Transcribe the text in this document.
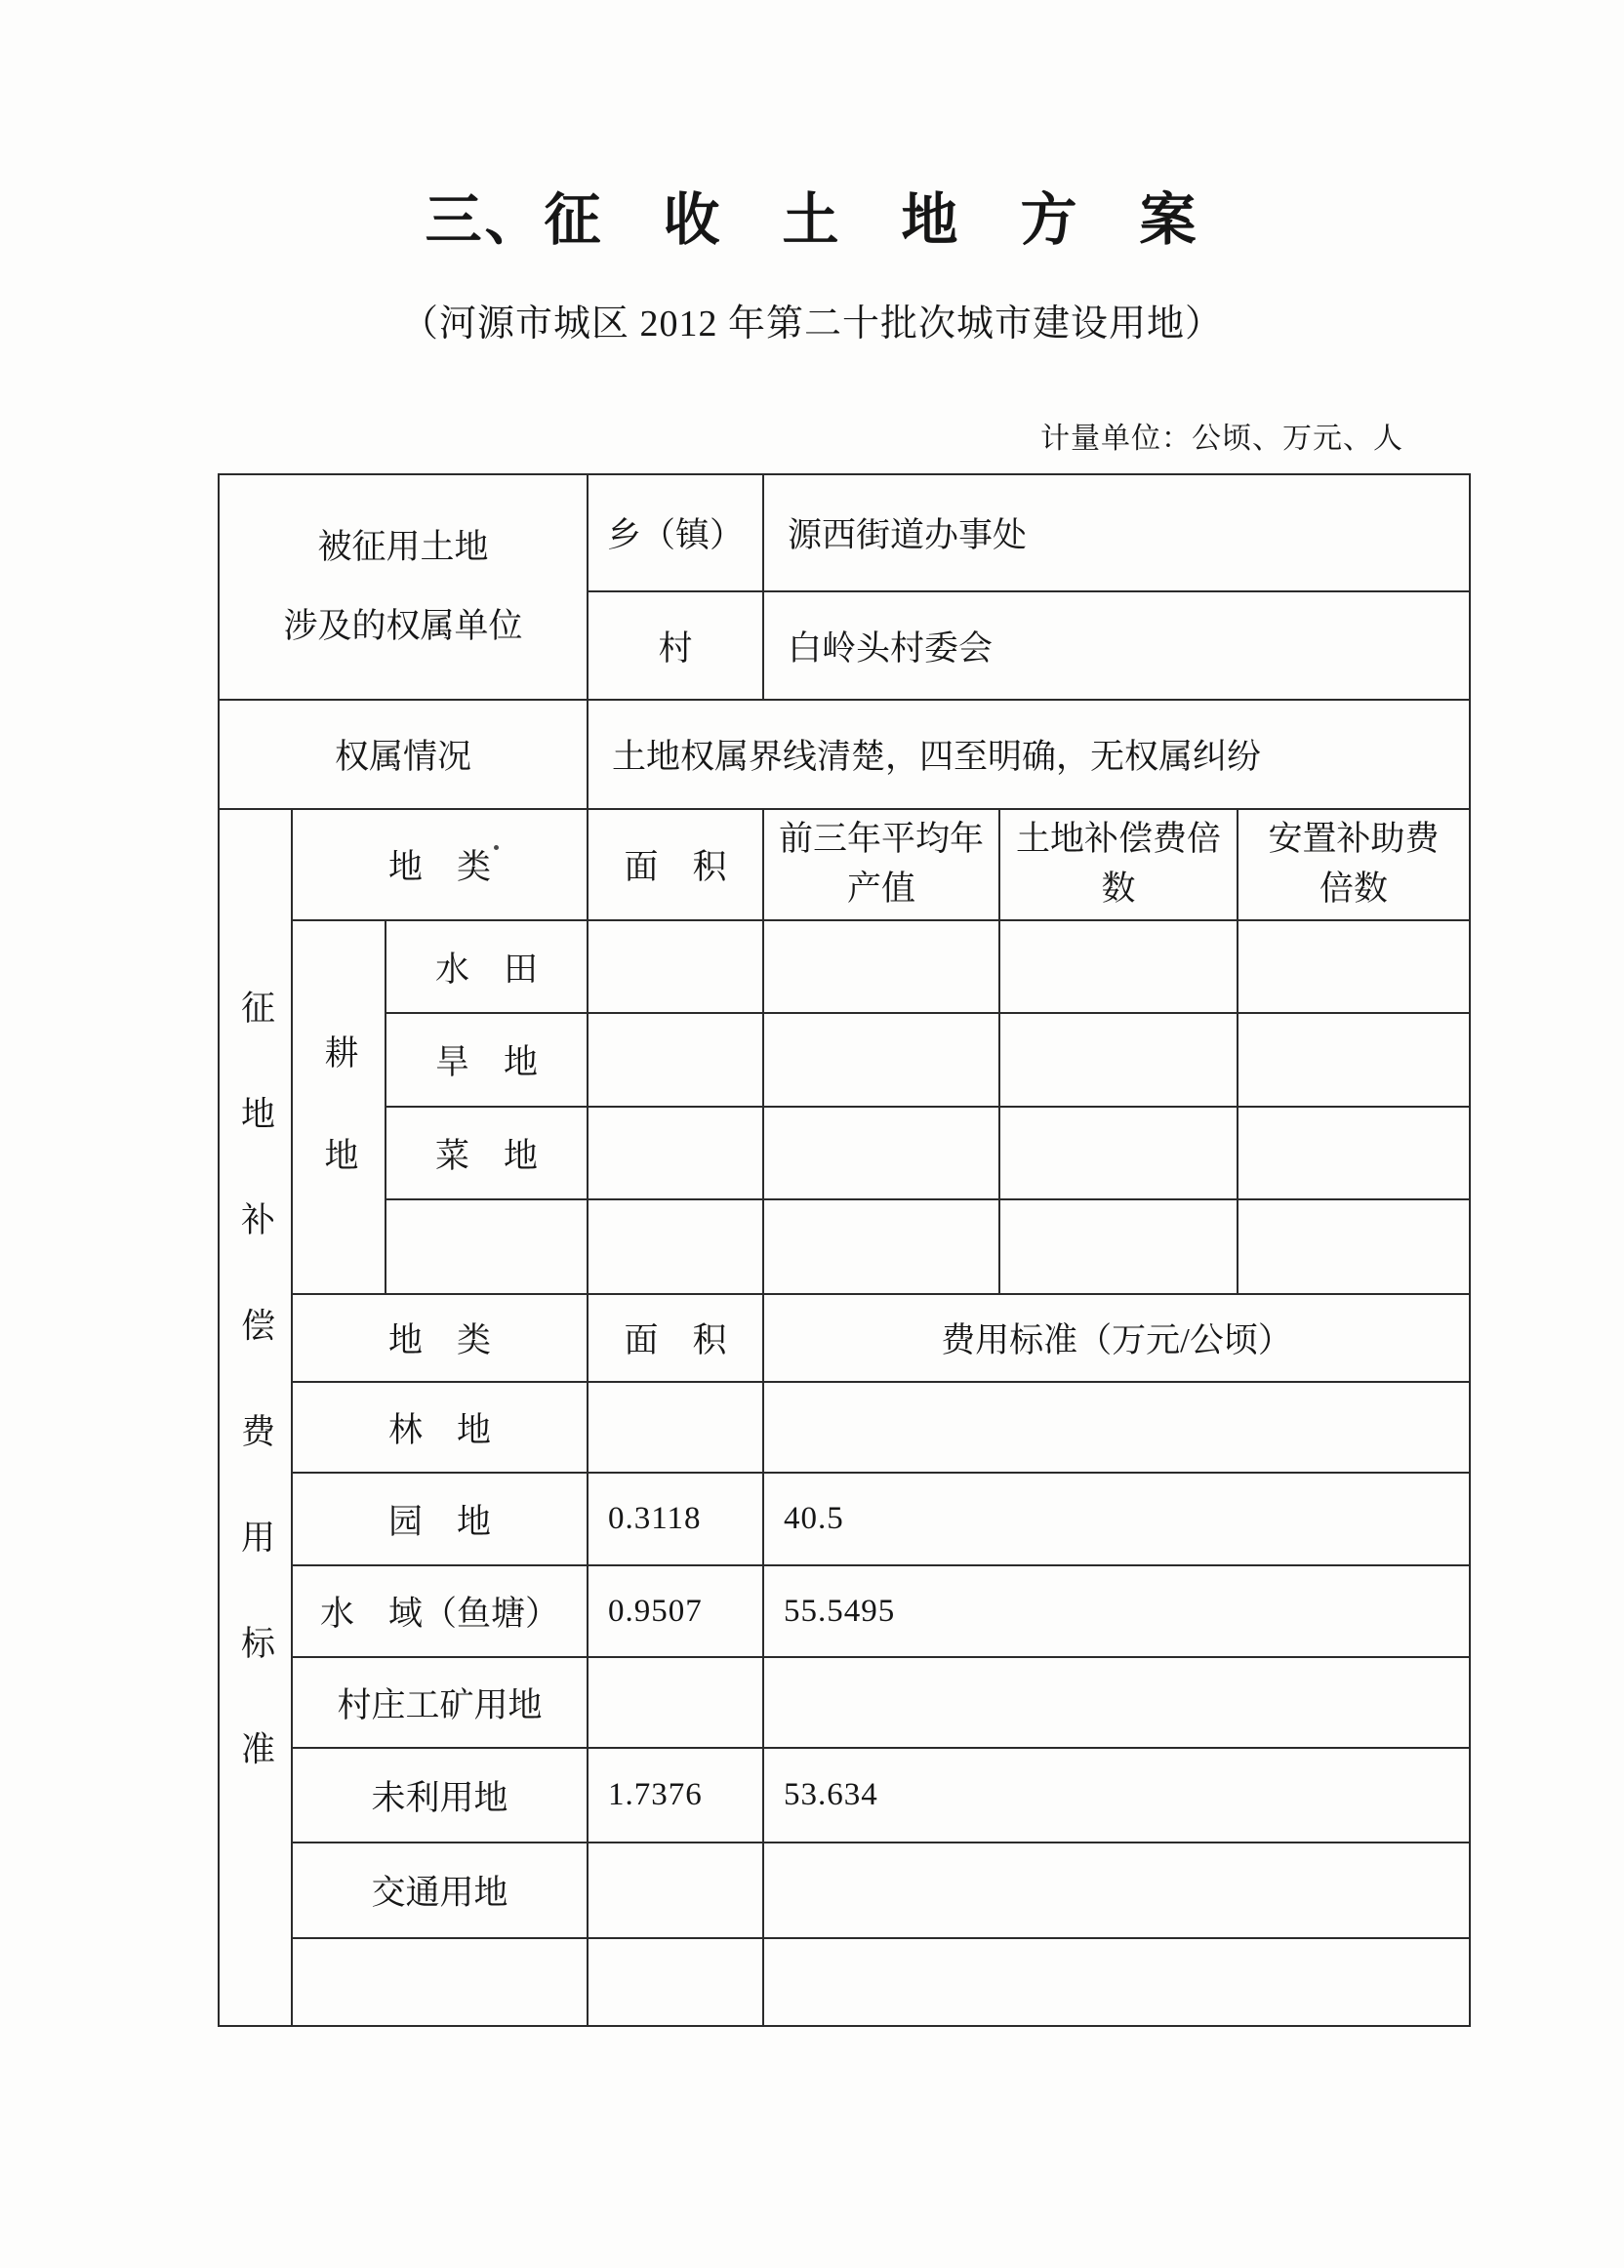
三、征　收　土　地　方　案
（河源市城区 2012 年第二十批次城市建设用地）
计量单位：公顷、万元、人
被征用土地
涉及的权属单位			乡（镇）	源西街道办事处		
			村	白岭头村委会		
权属情况			土地权属界线清楚，四至明确，无权属纠纷			
征地补偿费用标准	地　类		面　积	前三年平均年产值	土地补偿费倍数	安置补助费倍数
	耕地	水　田				
		旱　地				
		菜　地				

	地　类		面　积	费用标准（万元/公顷）		
	林　地					
	园　地		0.3118	40.5		
	水　域（鱼塘）		0.9507	55.5495		
	村庄工矿用地					
	未利用地		1.7376	53.634		
	交通用地					
